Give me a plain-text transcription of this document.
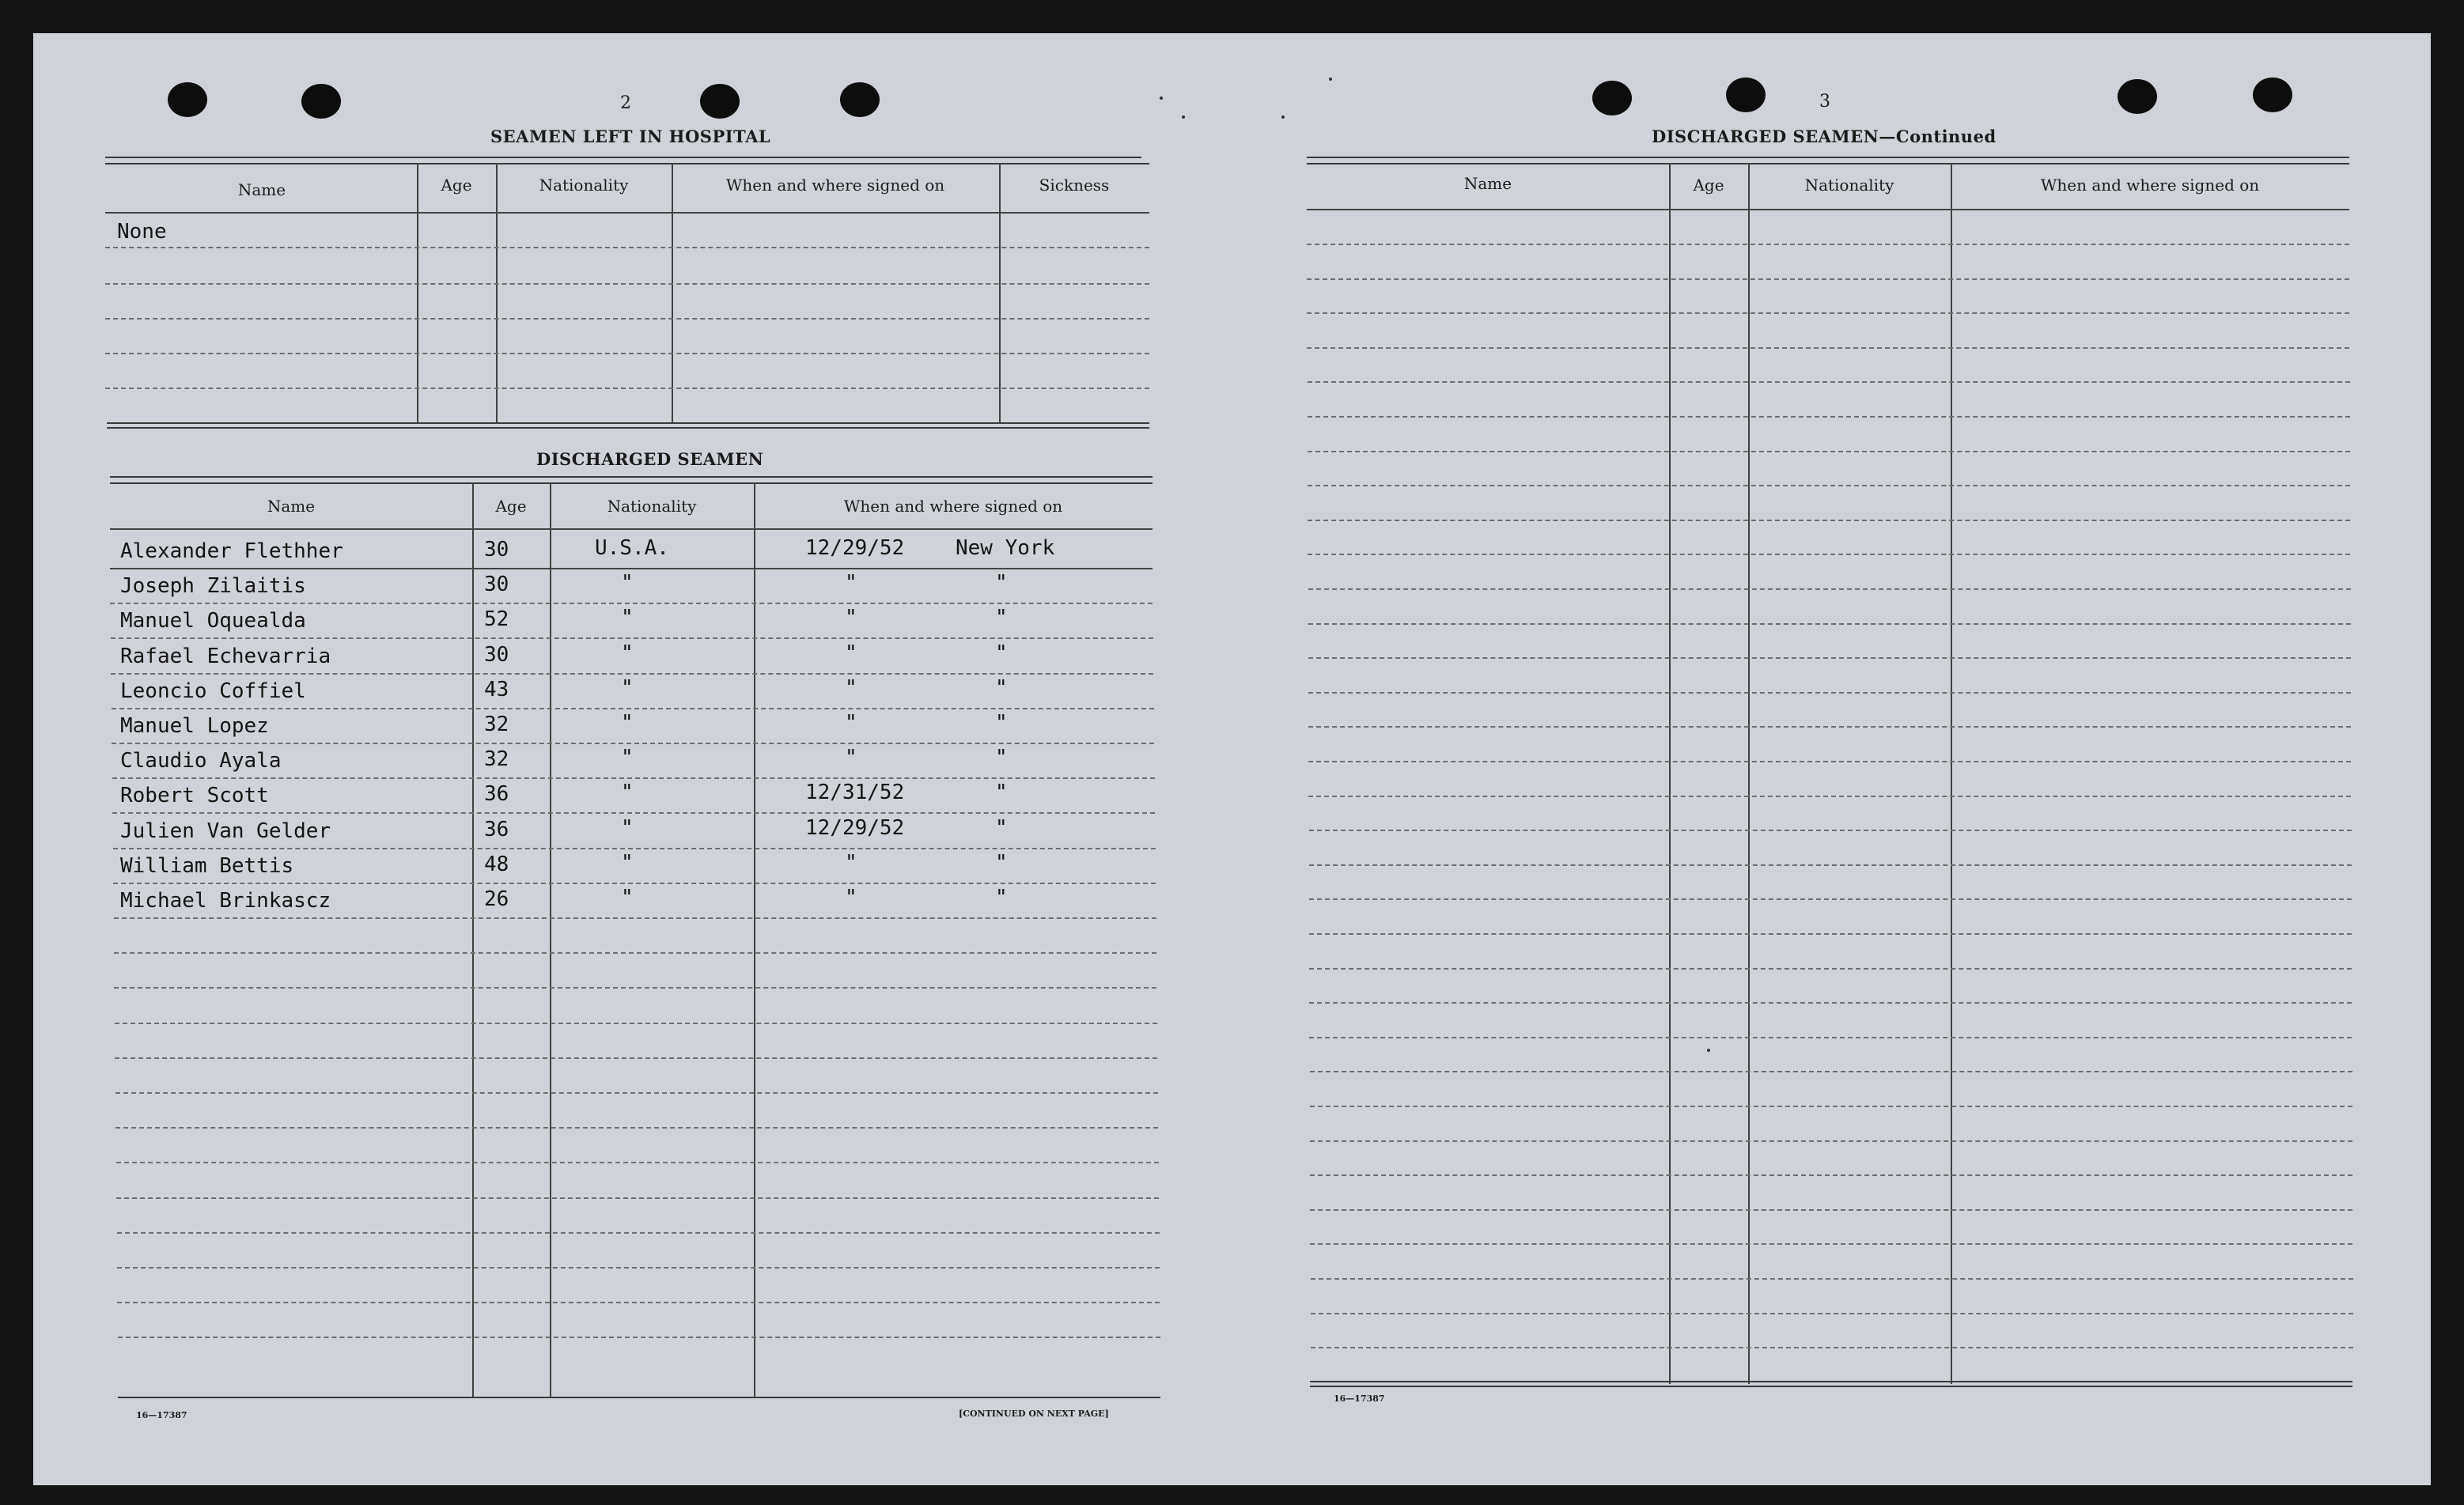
2
SEAMEN LEFT IN HOSPITAL
Name	Age	Nationality	When and where signed on	Sickness
None
DISCHARGED SEAMEN
Name	Age	Nationality	When and where signed on
Alexander Flethher	30	U.S.A.	12/29/52 New York
Joseph Zilaitis	30	"	"	"
Manuel Oquealda	52	"	"	"
Rafael Echevarria	30	"	"	"
Leoncio Coffiel	43	"	"	"
Manuel Lopez	32	"	"	"
Claudio Ayala	32	"	"	"
Robert Scott	36	"	12/31/52	"
Julien Van Gelder	36	"	12/29/52	"
William Bettis	48	"	"	"
Michael Brinkascz	26	"	"	"
16—17387	[CONTINUED ON NEXT PAGE]
3
DISCHARGED SEAMEN—Continued
Name	Age	Nationality	When and where signed on
16—17387
